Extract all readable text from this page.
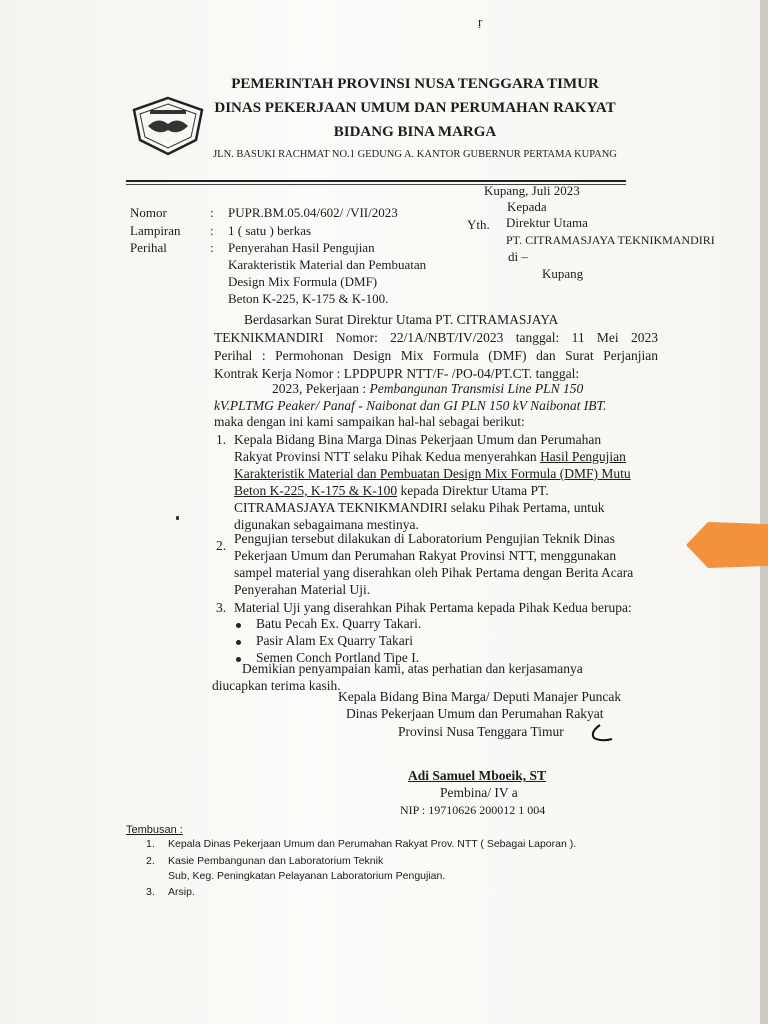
ṛ
PEMERINTAH PROVINSI NUSA TENGGARA TIMUR
DINAS PEKERJAAN UMUM DAN PERUMAHAN RAKYAT
BIDANG BINA MARGA
JLN. BASUKI RACHMAT NO.1 GEDUNG A. KANTOR GUBERNUR PERTAMA KUPANG
Kupang, Juli 2023
Kepada
Nomor	: PUPR.BM.05.04/602/ /VII/2023
Yth. Direktur Utama
PT. CITRAMASJAYA TEKNIKMANDIRI
di –
Kupang
Lampiran : 1 ( satu ) berkas
Perihal	: Penyerahan Hasil Pengujian
Karakteristik Material dan Pembuatan
Design Mix Formula (DMF)
Beton K-225, K-175 & K-100.
Berdasarkan Surat Direktur Utama PT. CITRAMASJAYA
TEKNIKMANDIRI Nomor: 22/1A/NBT/IV/2023 tanggal: 11 Mei 2023
Perihal : Permohonan Design Mix Formula (DMF) dan Surat Perjanjian
Kontrak Kerja Nomor : LPDPUPR NTT/F- /PO-04/PT.CT. tanggal:
2023, Pekerjaan : Pembangunan Transmisi Line PLN 150
kV.PLTMG Peaker/ Panaf - Naibonat dan GI PLN 150 kV Naibonat IBT.
maka dengan ini kami sampaikan hal-hal sebagai berikut:
1. Kepala Bidang Bina Marga Dinas Pekerjaan Umum dan Perumahan
Rakyat Provinsi NTT selaku Pihak Kedua menyerahkan Hasil Pengujian
Karakteristik Material dan Pembuatan Design Mix Formula (DMF) Mutu
Beton K-225, K-175 & K-100 kepada Direktur Utama PT.
CITRAMASJAYA TEKNIKMANDIRI selaku Pihak Pertama, untuk
digunakan sebagaimana mestinya.
2. Pengujian tersebut dilakukan di Laboratorium Pengujian Teknik Dinas
Pekerjaan Umum dan Perumahan Rakyat Provinsi NTT, menggunakan
sampel material yang diserahkan oleh Pihak Pertama dengan Berita Acara
Penyerahan Material Uji.
3. Material Uji yang diserahkan Pihak Pertama kepada Pihak Kedua berupa:
Batu Pecah Ex. Quarry Takari.
Pasir Alam Ex Quarry Takari
Semen Conch Portland Tipe I.
Demikian penyampaian kami, atas perhatian dan kerjasamanya
diucapkan terima kasih.
Kepala Bidang Bina Marga/ Deputi Manajer Puncak
Dinas Pekerjaan Umum dan Perumahan Rakyat
Provinsi Nusa Tenggara Timur
Adi Samuel Mboeik, ST
Pembina/ IV a
NIP : 19710626 200012 1 004
Tembusan :
1. Kepala Dinas Pekerjaan Umum dan Perumahan Rakyat Prov. NTT ( Sebagai Laporan ).
2. Kasie Pembangunan dan Laboratorium Teknik
Sub, Keg. Peningkatan Pelayanan Laboratorium Pengujian.
3. Arsip.
